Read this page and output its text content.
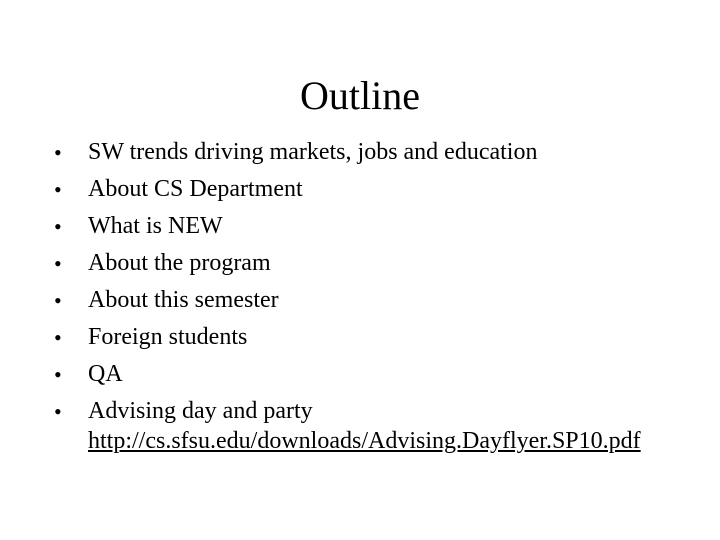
Outline
•	SW trends driving markets, jobs and education
•	About CS Department
•	What is NEW
•	About the program
•	About this semester
•	Foreign students
•	QA
•	Advising day and party
http://cs.sfsu.edu/downloads/Advising.Dayflyer.SP10.pdf
